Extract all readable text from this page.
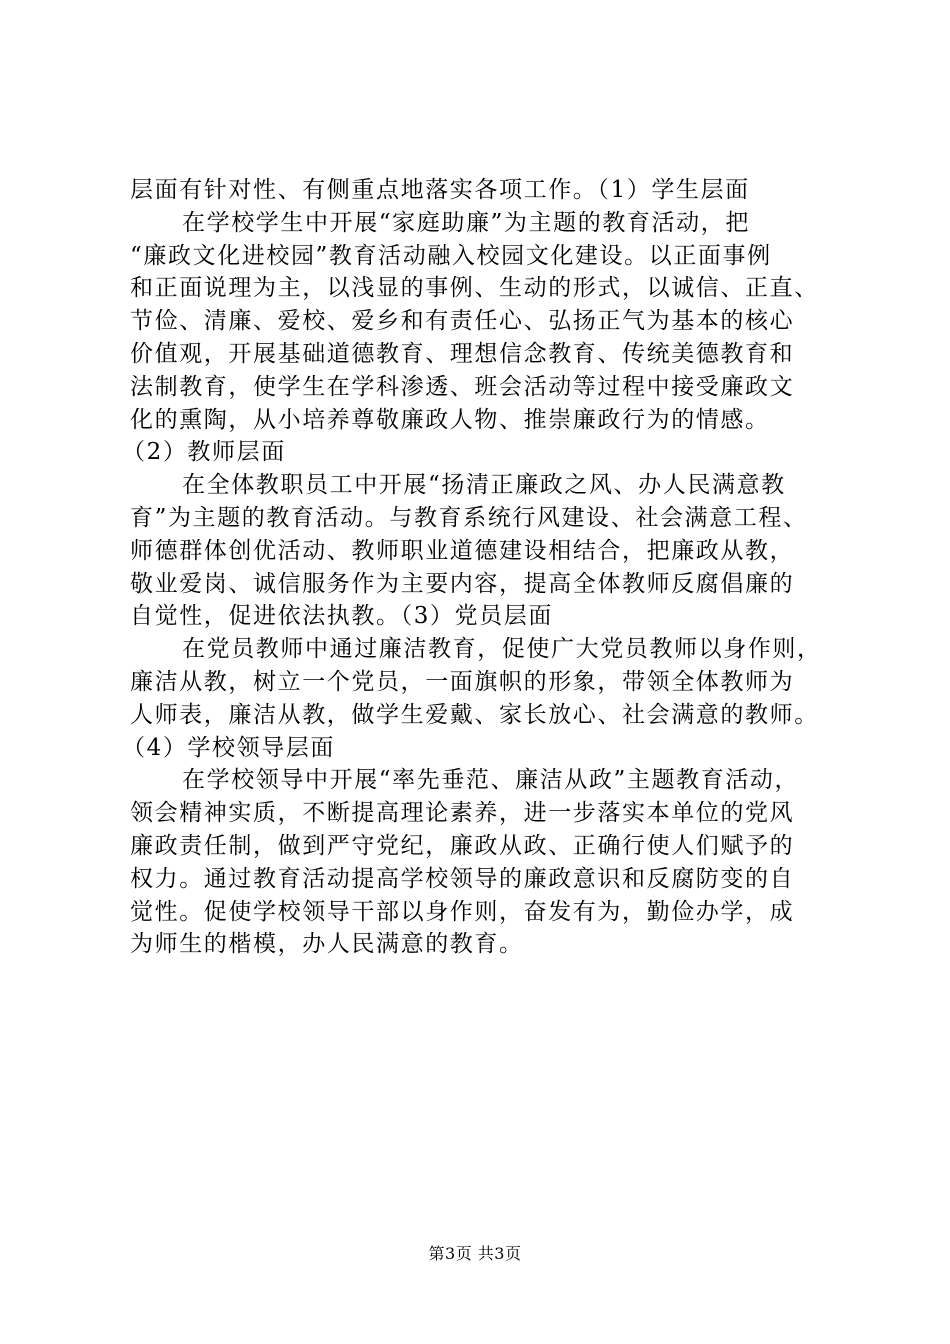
层面有针对性、有侧重点地落实各项工作。（1）学生层面
在学校学生中开展“家庭助廉”为主题的教育活动，把
“廉政文化进校园”教育活动融入校园文化建设。以正面事例
和正面说理为主，以浅显的事例、生动的形式，以诚信、正直、
节俭、清廉、爱校、爱乡和有责任心、弘扬正气为基本的核心
价值观，开展基础道德教育、理想信念教育、传统美德教育和
法制教育，使学生在学科渗透、班会活动等过程中接受廉政文
化的熏陶，从小培养尊敬廉政人物、推崇廉政行为的情感。
（2）教师层面
在全体教职员工中开展“扬清正廉政之风、办人民满意教
育”为主题的教育活动。与教育系统行风建设、社会满意工程、
师德群体创优活动、教师职业道德建设相结合，把廉政从教，
敬业爱岗、诚信服务作为主要内容，提高全体教师反腐倡廉的
自觉性，促进依法执教。（3）党员层面
在党员教师中通过廉洁教育，促使广大党员教师以身作则，
廉洁从教，树立一个党员，一面旗帜的形象，带领全体教师为
人师表，廉洁从教，做学生爱戴、家长放心、社会满意的教师。
（4）学校领导层面
在学校领导中开展“率先垂范、廉洁从政”主题教育活动，
领会精神实质，不断提高理论素养，进一步落实本单位的党风
廉政责任制，做到严守党纪，廉政从政、正确行使人们赋予的
权力。通过教育活动提高学校领导的廉政意识和反腐防变的自
觉性。促使学校领导干部以身作则，奋发有为，勤俭办学，成
为师生的楷模，办人民满意的教育。
第3页 共3页
